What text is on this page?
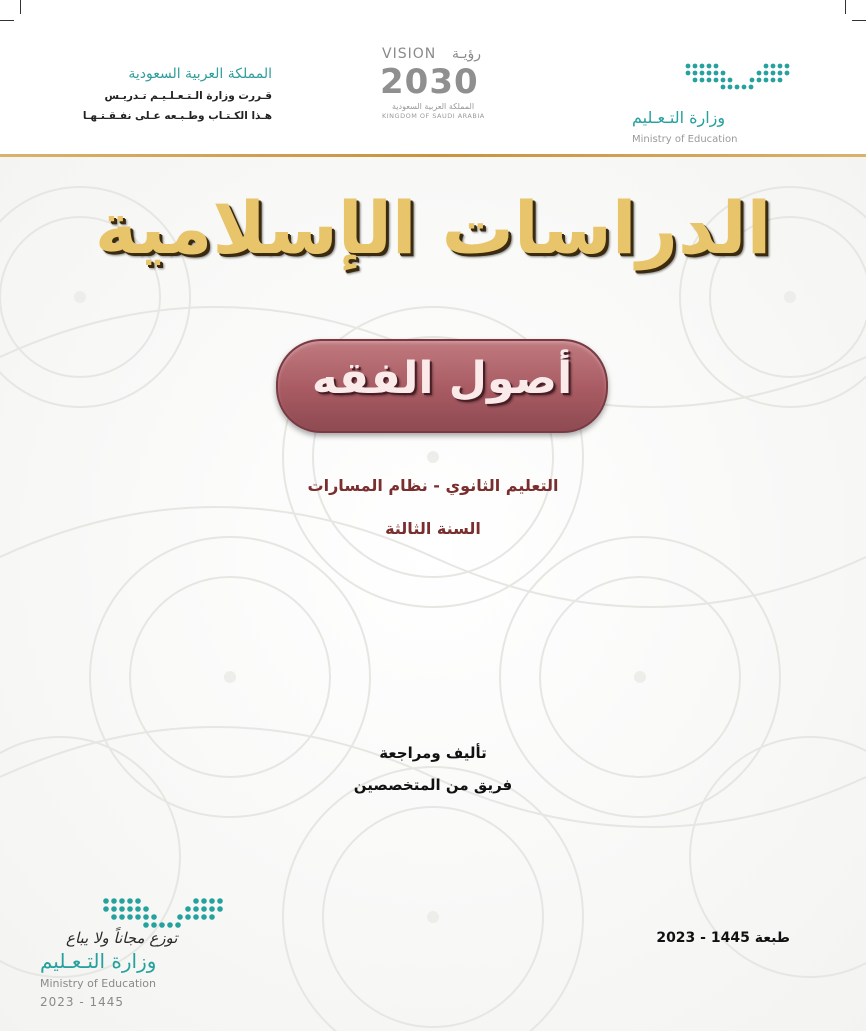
المملكة العربية السعودية
قـررت وزارة الـتـعـلـيـم تـدريـس
هـذا الكـتـاب وطـبـعه عـلى نفـقـتـهـا
VISION رؤيـة
2030
المملكة العربية السعودية
KINGDOM OF SAUDI ARABIA	وزارة التـعـليم
Ministry of Education
الدراسات الإسلامية
أصول الفقه
التعليم الثانوي - نظام المسارات
السنة الثالثة
تأليف ومراجعة
فريق من المتخصصين
طبعة 1445 - 2023
توزع مجاناً ولا يباع
وزارة التـعـليم
Ministry of Education
2023 - 1445
